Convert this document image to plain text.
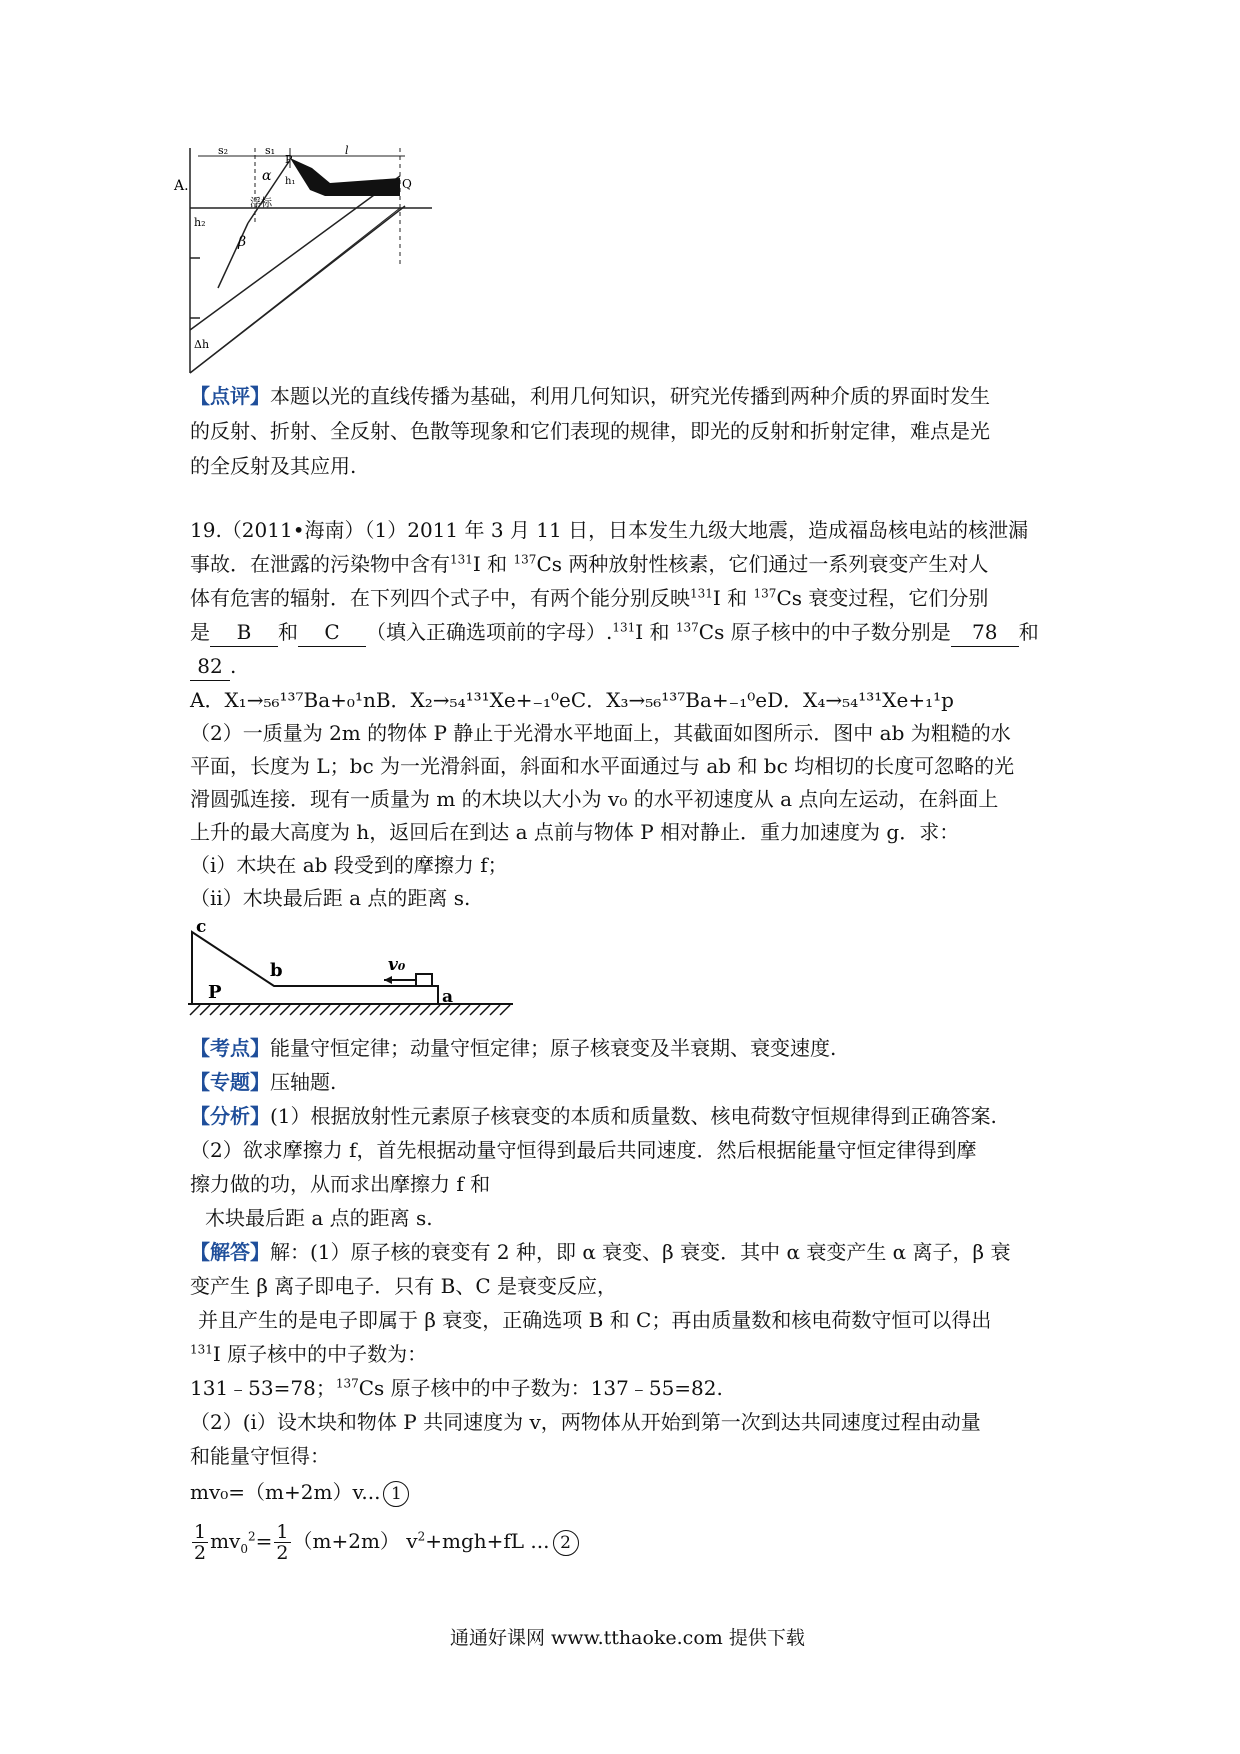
s₂	s₁	l
α
P
h₁	Q
A.
h₂
β
浮标
Δh
【点评】本题以光的直线传播为基础，利用几何知识，研究光传播到两种介质的界面时发生
的反射、折射、全反射、色散等现象和它们表现的规律，即光的反射和折射定律，难点是光
的全反射及其应用.
19.（2011•海南）（1）2011 年 3 月 11 日，日本发生九级大地震，造成福岛核电站的核泄漏
事故．在泄露的污染物中含有$^{131}$I 和 $^{137}$Cs 两种放射性核素，它们通过一系列衰变产生对人
体有危害的辐射．在下列四个式子中，有两个能分别反映$^{131}$I 和 $^{137}$Cs 衰变过程，它们分别
是 B 和 C （填入正确选项前的字母）.$^{131}$I 和 $^{137}$Cs 原子核中的中子数分别是 78 和
82 .
A．X₁→₅₆¹³⁷Ba+₀¹nB．X₂→₅₄¹³¹Xe+₋₁⁰eC．X₃→₅₆¹³⁷Ba+₋₁⁰eD．X₄→₅₄¹³¹Xe+₁¹p
（2）一质量为 2m 的物体 P 静止于光滑水平地面上，其截面如图所示．图中 ab 为粗糙的水
平面，长度为 L；bc 为一光滑斜面，斜面和水平面通过与 ab 和 bc 均相切的长度可忽略的光
滑圆弧连接．现有一质量为 m 的木块以大小为 v₀ 的水平初速度从 a 点向左运动，在斜面上
上升的最大高度为 h，返回后在到达 a 点前与物体 P 相对静止．重力加速度为 g．求：
（i）木块在 ab 段受到的摩擦力 f；
（ii）木块最后距 a 点的距离 s.
c
b
P
v₀
a
【考点】能量守恒定律；动量守恒定律；原子核衰变及半衰期、衰变速度.
【专题】压轴题.
【分析】(1）根据放射性元素原子核衰变的本质和质量数、核电荷数守恒规律得到正确答案.
（2）欲求摩擦力 f，首先根据动量守恒得到最后共同速度．然后根据能量守恒定律得到摩
擦力做的功，从而求出摩擦力 f 和
木块最后距 a 点的距离 s.
【解答】解：(1）原子核的衰变有 2 种，即 α 衰变、β 衰变．其中 α 衰变产生 α 离子，β 衰
变产生 β 离子即电子．只有 B、C 是衰变反应，
并且产生的是电子即属于 β 衰变，正确选项 B 和 C；再由质量数和核电荷数守恒可以得出
$^{131}$I 原子核中的中子数为：
131﹣53=78；$^{137}$Cs 原子核中的中子数为：137﹣55=82.
（2）(i）设木块和物体 P 共同速度为 v，两物体从开始到第一次到达共同速度过程由动量
和能量守恒得：
mv₀=（m+2m）v... 1
$\frac{1}{2} mv_0^2= \frac{1}{2} (m+2m)$ $v^2+mgh+fL$ ... 2
通通好课网 www.tthaoke.com 提供下载
